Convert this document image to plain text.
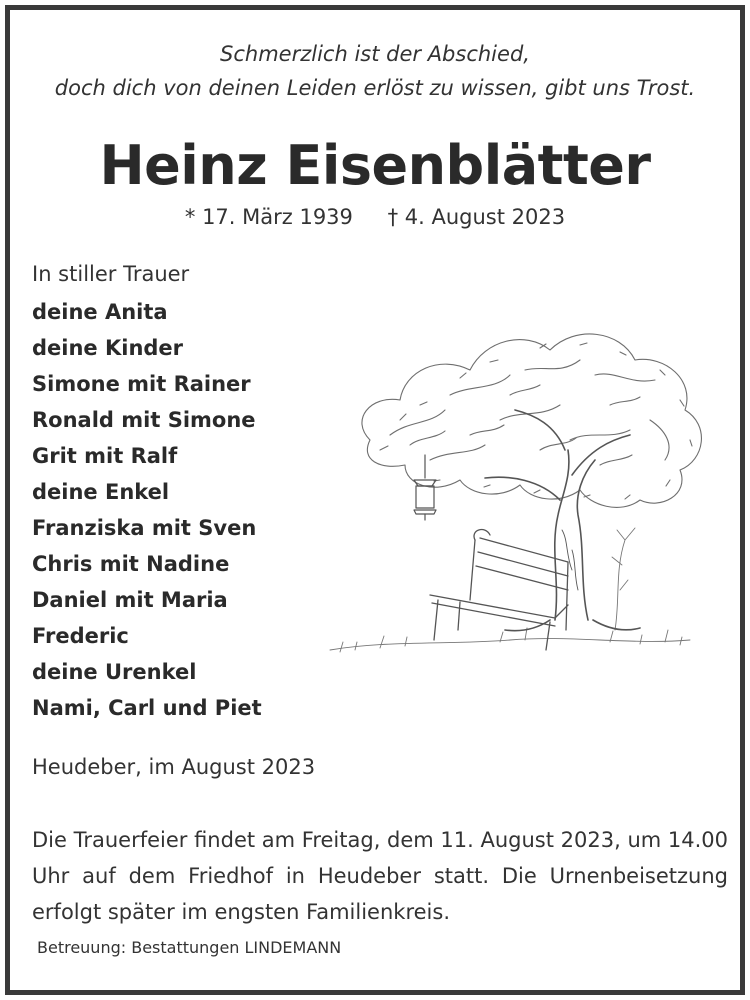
Schmerzlich ist der Abschied,
doch dich von deinen Leiden erlöst zu wissen, gibt uns Trost.
Heinz Eisenblätter
* 17. März 1939 † 4. August 2023
In stiller Trauer
deine Anita
deine Kinder
Simone mit Rainer
Ronald mit Simone
Grit mit Ralf
deine Enkel
Franziska mit Sven
Chris mit Nadine
Daniel mit Maria
Frederic
deine Urenkel
Nami, Carl und Piet
Heudeber, im August 2023
Die Trauerfeier findet am Freitag, dem 11. August 2023, um 14.00 Uhr auf dem Friedhof in Heudeber statt. Die Urnenbeisetzung erfolgt später im engsten Familienkreis.
Betreuung: Bestattungen LINDEMANN
